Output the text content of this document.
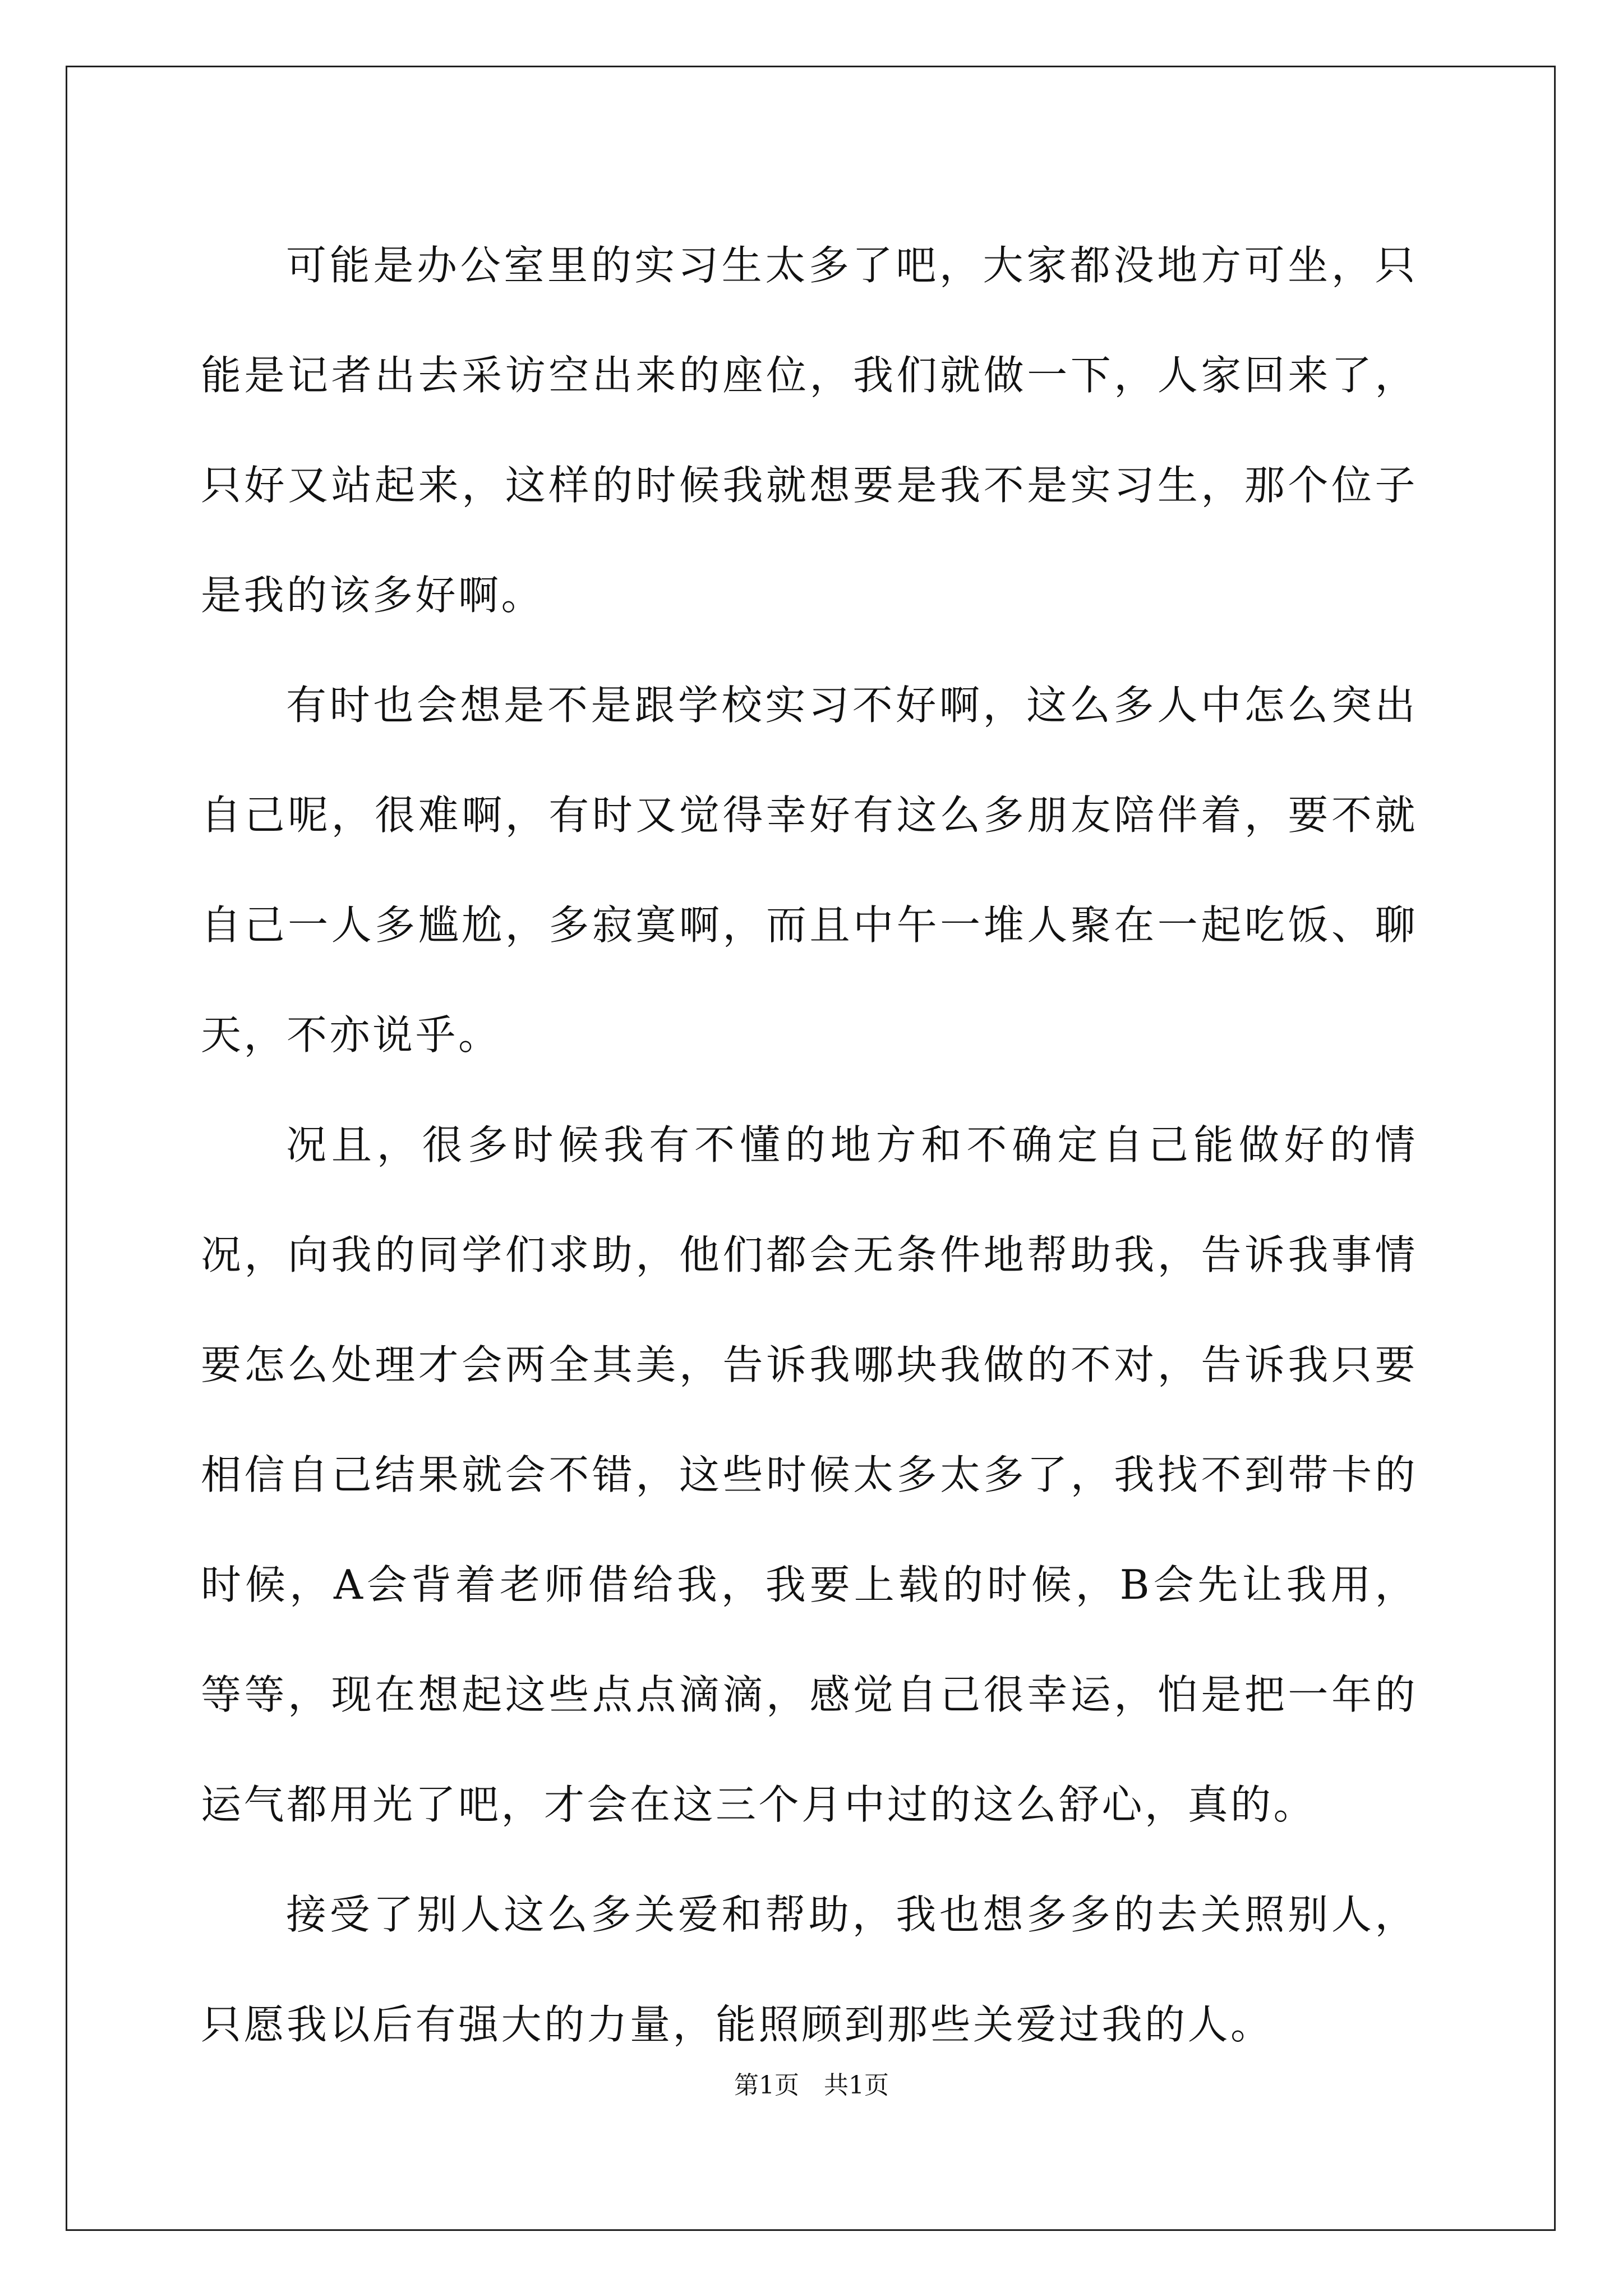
可能是办公室里的实习生太多了吧，大家都没地方可坐，只能是记者出去采访空出来的座位，我们就做一下，人家回来了，只好又站起来，这样的时候我就想要是我不是实习生，那个位子是我的该多好啊。

有时也会想是不是跟学校实习不好啊，这么多人中怎么突出自己呢，很难啊，有时又觉得幸好有这么多朋友陪伴着，要不就自己一人多尴尬，多寂寞啊，而且中午一堆人聚在一起吃饭、聊天，不亦说乎。

况且，很多时候我有不懂的地方和不确定自己能做好的情况，向我的同学们求助，他们都会无条件地帮助我，告诉我事情要怎么处理才会两全其美，告诉我哪块我做的不对，告诉我只要相信自己结果就会不错，这些时候太多太多了，我找不到带卡的时候，A会背着老师借给我，我要上载的时候，B会先让我用，等等，现在想起这些点点滴滴，感觉自己很幸运，怕是把一年的运气都用光了吧，才会在这三个月中过的这么舒心，真的。

接受了别人这么多关爱和帮助，我也想多多的去关照别人，只愿我以后有强大的力量，能照顾到那些关爱过我的人。

第1页　共1页
